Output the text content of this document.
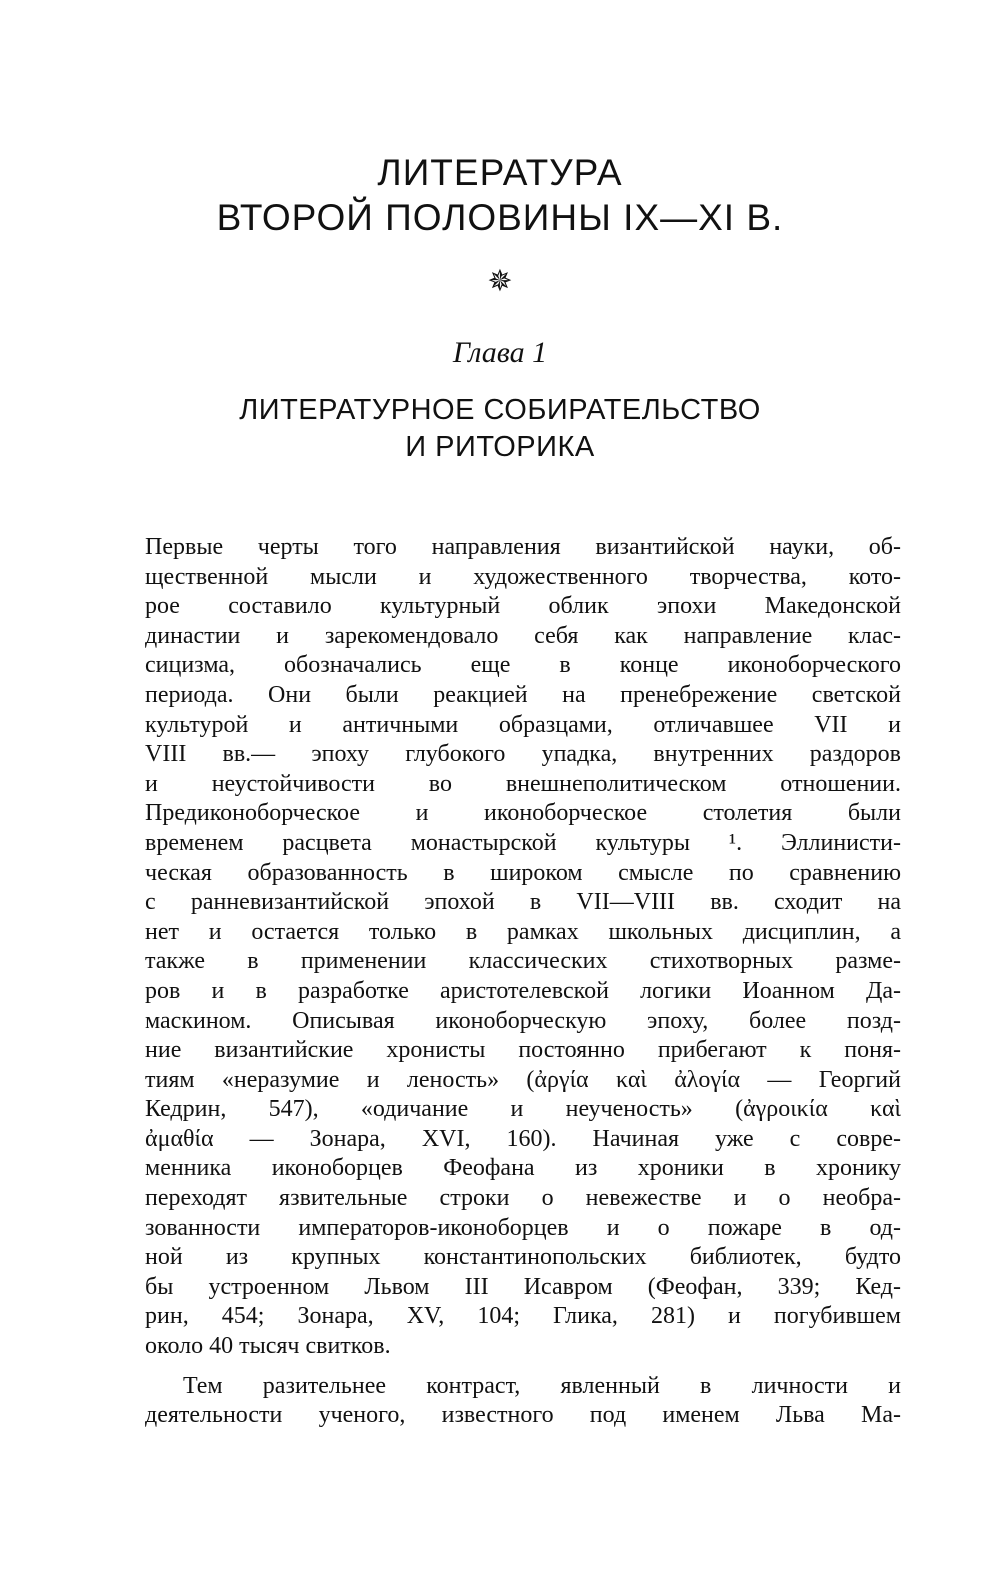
ЛИТЕРАТУРА
ВТОРОЙ ПОЛОВИНЫ IX—XI В.
✵
Глава 1
ЛИТЕРАТУРНОЕ СОБИРАТЕЛЬСТВО
И РИТОРИКА
Первые черты того направления византийской науки, об-
щественной мысли и художественного творчества, кото-
рое составило культурный облик эпохи Македонской
династии и зарекомендовало себя как направление клас-
сицизма, обозначались еще в конце иконоборческого
периода. Они были реакцией на пренебрежение светской
культурой и античными образцами, отличавшее VII и
VIII вв.— эпоху глубокого упадка, внутренних раздоров
и неустойчивости во внешнеполитическом отношении.
Предиконоборческое и иконоборческое столетия были
временем расцвета монастырской культуры ¹. Эллинисти-
ческая образованность в широком смысле по сравнению
с ранневизантийской эпохой в VII—VIII вв. сходит на
нет и остается только в рамках школьных дисциплин, а
также в применении классических стихотворных разме-
ров и в разработке аристотелевской логики Иоанном Да-
маскином. Описывая иконоборческую эпоху, более позд-
ние византийские хронисты постоянно прибегают к поня-
тиям «неразумие и леность» (ἀργία καὶ ἀλογία — Георгий
Кедрин, 547), «одичание и неученость» (ἀγροικία καὶ
ἀμαθία — Зонара, XVI, 160). Начиная уже с совре-
менника иконоборцев Феофана из хроники в хронику
переходят язвительные строки о невежестве и о необра-
зованности императоров-иконоборцев и о пожаре в од-
ной из крупных константинопольских библиотек, будто
бы устроенном Львом III Исавром (Феофан, 339; Кед-
рин, 454; Зонара, XV, 104; Глика, 281) и погубившем
около 40 тысяч свитков.
Тем разительнее контраст, явленный в личности и
деятельности ученого, известного под именем Льва Ма-
